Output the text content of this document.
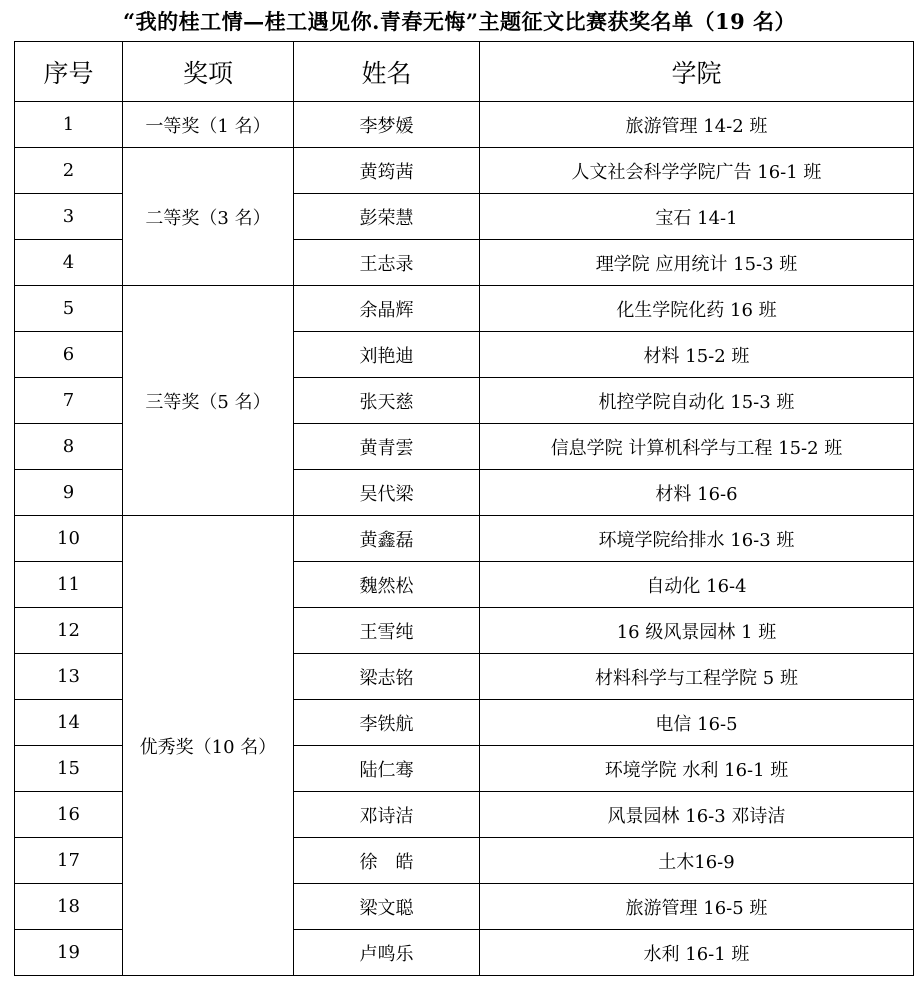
“我的桂工情—桂工遇见你.青春无悔”主题征文比赛获奖名单（19 名）
序号	奖项	姓名	学院
1	一等奖（1 名）	李梦媛	旅游管理 14-2 班
2	二等奖（3 名）	黄筠茜	人文社会科学学院广告 16-1 班
3		彭荣慧	宝石 14-1
4		王志录	理学院 应用统计 15-3 班
5	三等奖（5 名）	余晶辉	化生学院化药 16 班
6		刘艳迪	材料 15-2 班
7		张天慈	机控学院自动化 15-3 班
8		黄青雲	信息学院 计算机科学与工程 15-2 班
9		吴代梁	材料 16-6
10	优秀奖（10 名）	黄鑫磊	环境学院给排水 16-3 班
11		魏然松	自动化 16-4
12		王雪纯	16 级风景园林 1 班
13		梁志铭	材料科学与工程学院 5 班
14		李铁航	电信 16-5
15		陆仁骞	环境学院 水利 16-1 班
16		邓诗洁	风景园林 16-3 邓诗洁
17		徐　皓	土木16-9
18		梁文聪	旅游管理 16-5 班
19		卢鸣乐	水利 16-1 班
